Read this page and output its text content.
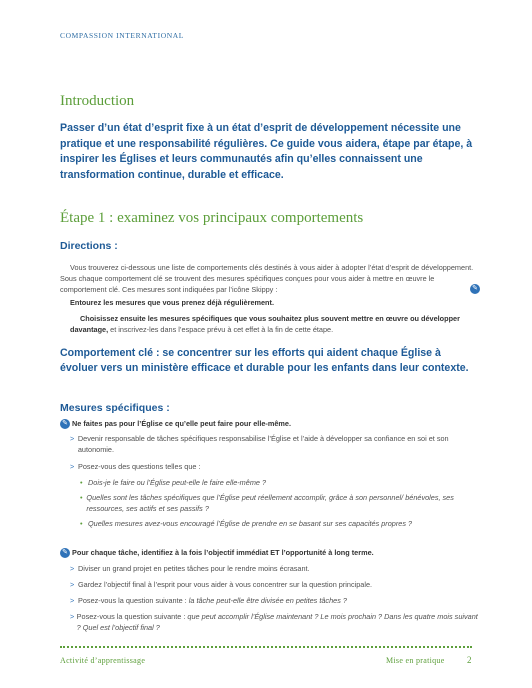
COMPASSION INTERNATIONAL
Introduction
Passer d’un état d’esprit fixe à un état d’esprit de développement nécessite une pratique et une responsabilité régulières. Ce guide vous aidera, étape par étape, à inspirer les Églises et leurs communautés afin qu’elles connaissent une transformation continue, durable et efficace.
Étape 1 : examinez vos principaux comportements
Directions :
Vous trouverez ci-dessous une liste de comportements clés destinés à vous aider à adopter l’état d’esprit de développement. Sous chaque comportement clé se trouvent des mesures spécifiques conçues pour vous aider à mettre en œuvre le comportement clé. Ces mesures sont indiquées par l’icône Skippy :	✎
Entourez les mesures que vous prenez déjà régulièrement.
Choisissez ensuite les mesures spécifiques que vous souhaitez plus souvent mettre en œuvre ou développer davantage, et inscrivez-les dans l’espace prévu à cet effet à la fin de cette étape.
Comportement clé : se concentrer sur les efforts qui aident chaque Église à évoluer vers un ministère efficace et durable pour les enfants dans leur contexte.
Mesures spécifiques :
✎ Ne faites pas pour l’Église ce qu’elle peut faire pour elle-même.
> Devenir responsable de tâches spécifiques responsabilise l’Église et l’aide à développer sa confiance en soi et son autonomie.
> Posez-vous des questions telles que :
• Dois-je le faire ou l’Église peut-elle le faire elle-même ?
• Quelles sont les tâches spécifiques que l’Église peut réellement accomplir, grâce à son personnel/ bénévoles, ses ressources, ses actifs et ses passifs ?
• Quelles mesures avez-vous encouragé l’Église de prendre en se basant sur ses capacités propres ?
✎ Pour chaque tâche, identifiez à la fois l’objectif immédiat ET l’opportunité à long terme.
> Diviser un grand projet en petites tâches pour le rendre moins écrasant.
> Gardez l’objectif final à l’esprit pour vous aider à vous concentrer sur la question principale.
> Posez-vous la question suivante : la tâche peut-elle être divisée en petites tâches ?
> Posez-vous la question suivante : que peut accomplir l’Église maintenant ? Le mois prochain ? Dans les quatre mois suivant ? Quel est l’objectif final ?
Activité d’apprentissage	Mise en pratique 2
